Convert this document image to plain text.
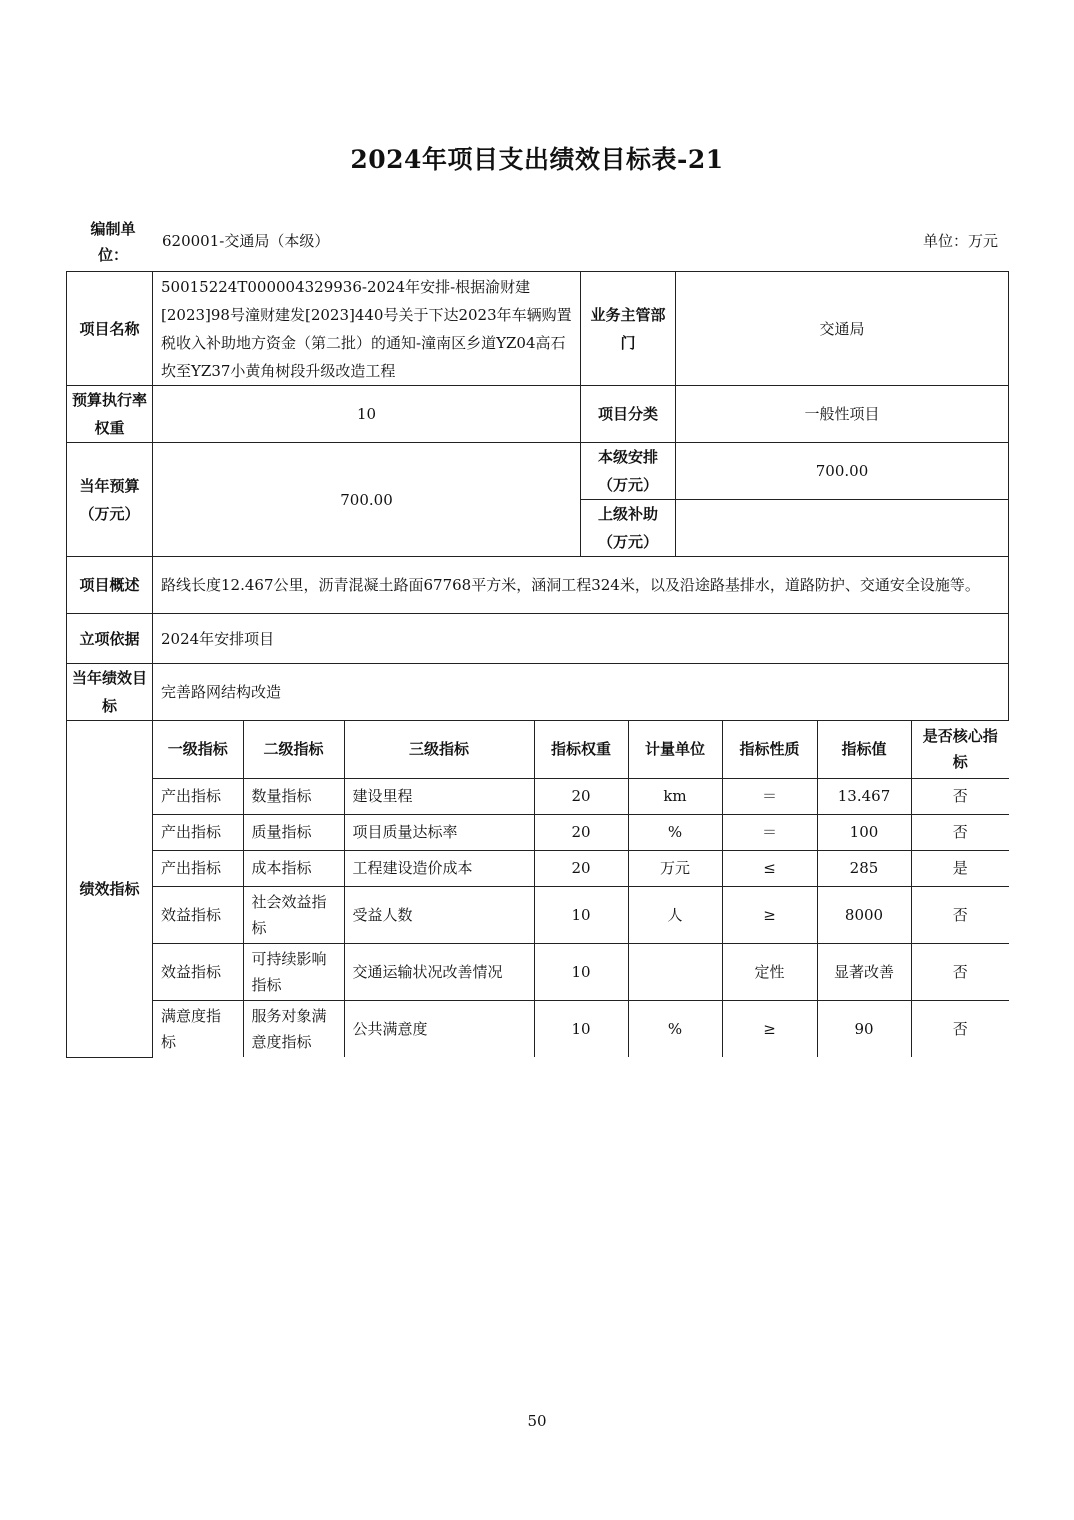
2024年项目支出绩效目标表-21
编制单位：
620001-交通局（本级）	单位：万元
项目名称	50015224T000004329936-2024年安排-根据渝财建[2023]98号潼财建发[2023]440号关于下达2023年车辆购置税收入补助地方资金（第二批）的通知-潼南区乡道YZ04高石坎至YZ37小黄角树段升级改造工程	业务主管部门	交通局
预算执行率权重	10	项目分类	一般性项目
当年预算（万元）	700.00	本级安排（万元）	700.00
上级补助（万元）	
项目概述	路线长度12.467公里，沥青混凝土路面67768平方米，涵洞工程324米，以及沿途路基排水，道路防护、交通安全设施等。
立项依据	2024年安排项目
当年绩效目标	完善路网结构改造
绩效指标	
一级指标	二级指标	三级指标	指标权重	计量单位	指标性质	指标值	是否核心指标
产出指标	数量指标	建设里程	20	km	＝	13.467	否
产出指标	质量指标	项目质量达标率	20	%	＝	100	否
产出指标	成本指标	工程建设造价成本	20	万元	≤	285	是
效益指标	社会效益指标	受益人数	10	人	≥	8000	否
效益指标	可持续影响指标	交通运输状况改善情况	10		定性	显著改善	否
满意度指标	服务对象满意度指标	公共满意度	10	%	≥	90	否
50
